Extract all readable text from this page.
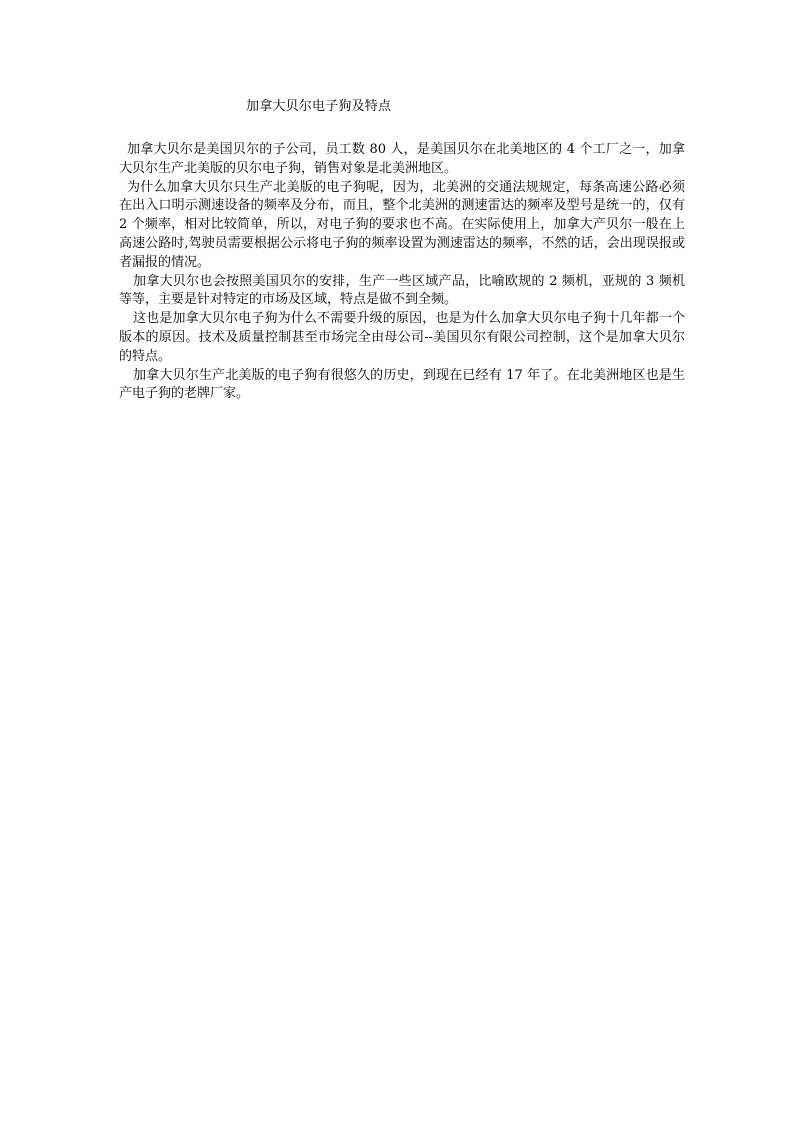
加拿大贝尔电子狗及特点

加拿大贝尔是美国贝尔的子公司，员工数 80 人，是美国贝尔在北美地区的 4 个工厂之一，加拿大贝尔生产北美版的贝尔电子狗，销售对象是北美洲地区。

为什么加拿大贝尔只生产北美版的电子狗呢，因为，北美洲的交通法规规定，每条高速公路必须在出入口明示测速设备的频率及分布，而且，整个北美洲的测速雷达的频率及型号是统一的，仅有 2 个频率，相对比较简单，所以，对电子狗的要求也不高。在实际使用上，加拿大产贝尔一般在上高速公路时,驾驶员需要根据公示将电子狗的频率设置为测速雷达的频率，不然的话，会出现误报或者漏报的情况。

加拿大贝尔也会按照美国贝尔的安排，生产一些区域产品，比喻欧规的 2 频机，亚规的 3 频机等等，主要是针对特定的市场及区域，特点是做不到全频。

这也是加拿大贝尔电子狗为什么不需要升级的原因，也是为什么加拿大贝尔电子狗十几年都一个版本的原因。技术及质量控制甚至市场完全由母公司--美国贝尔有限公司控制，这个是加拿大贝尔的特点。

加拿大贝尔生产北美版的电子狗有很悠久的历史，到现在已经有 17 年了。在北美洲地区也是生产电子狗的老牌厂家。
